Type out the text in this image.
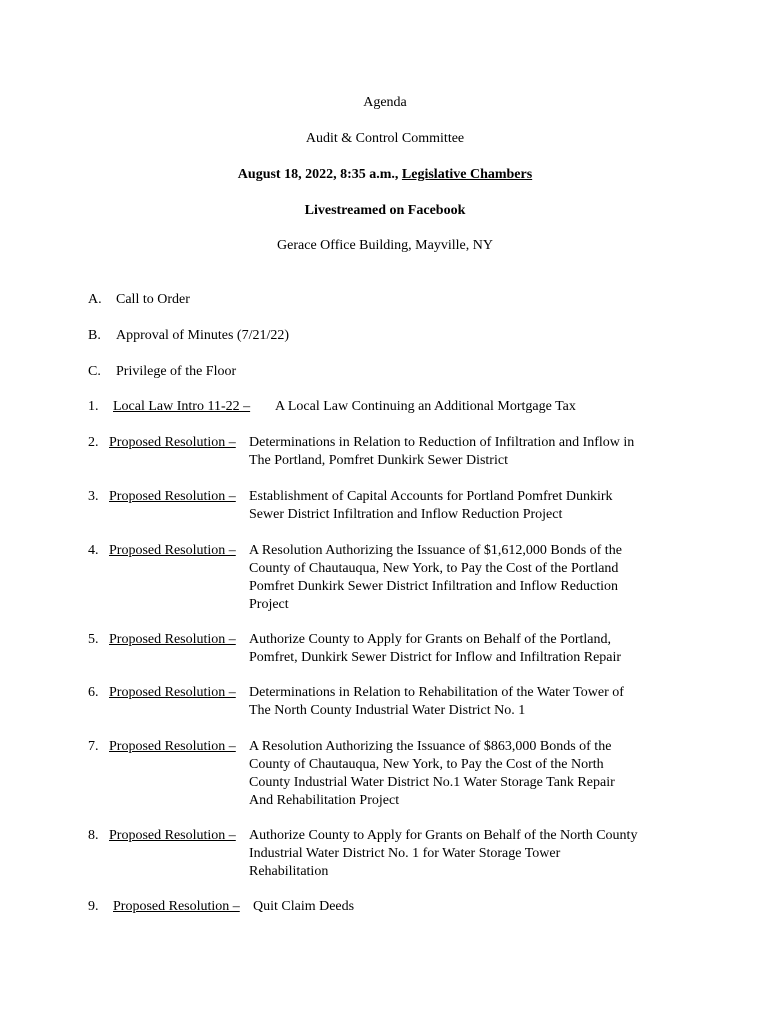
Agenda
Audit & Control Committee
August 18, 2022, 8:35 a.m., Legislative Chambers
Livestreamed on Facebook
Gerace Office Building, Mayville, NY
A. Call to Order
B. Approval of Minutes (7/21/22)
C. Privilege of the Floor
1. Local Law Intro 11-22 – A Local Law Continuing an Additional Mortgage Tax
2. Proposed Resolution – Determinations in Relation to Reduction of Infiltration and Inflow in
The Portland, Pomfret Dunkirk Sewer District
3. Proposed Resolution – Establishment of Capital Accounts for Portland Pomfret Dunkirk
Sewer District Infiltration and Inflow Reduction Project
4. Proposed Resolution – A Resolution Authorizing the Issuance of $1,612,000 Bonds of the
County of Chautauqua, New York, to Pay the Cost of the Portland
Pomfret Dunkirk Sewer District Infiltration and Inflow Reduction
Project
5. Proposed Resolution – Authorize County to Apply for Grants on Behalf of the Portland,
Pomfret, Dunkirk Sewer District for Inflow and Infiltration Repair
6. Proposed Resolution – Determinations in Relation to Rehabilitation of the Water Tower of
The North County Industrial Water District No. 1
7. Proposed Resolution – A Resolution Authorizing the Issuance of $863,000 Bonds of the
County of Chautauqua, New York, to Pay the Cost of the North
County Industrial Water District No.1 Water Storage Tank Repair
And Rehabilitation Project
8. Proposed Resolution – Authorize County to Apply for Grants on Behalf of the North County
Industrial Water District No. 1 for Water Storage Tower
Rehabilitation
9. Proposed Resolution – Quit Claim Deeds
